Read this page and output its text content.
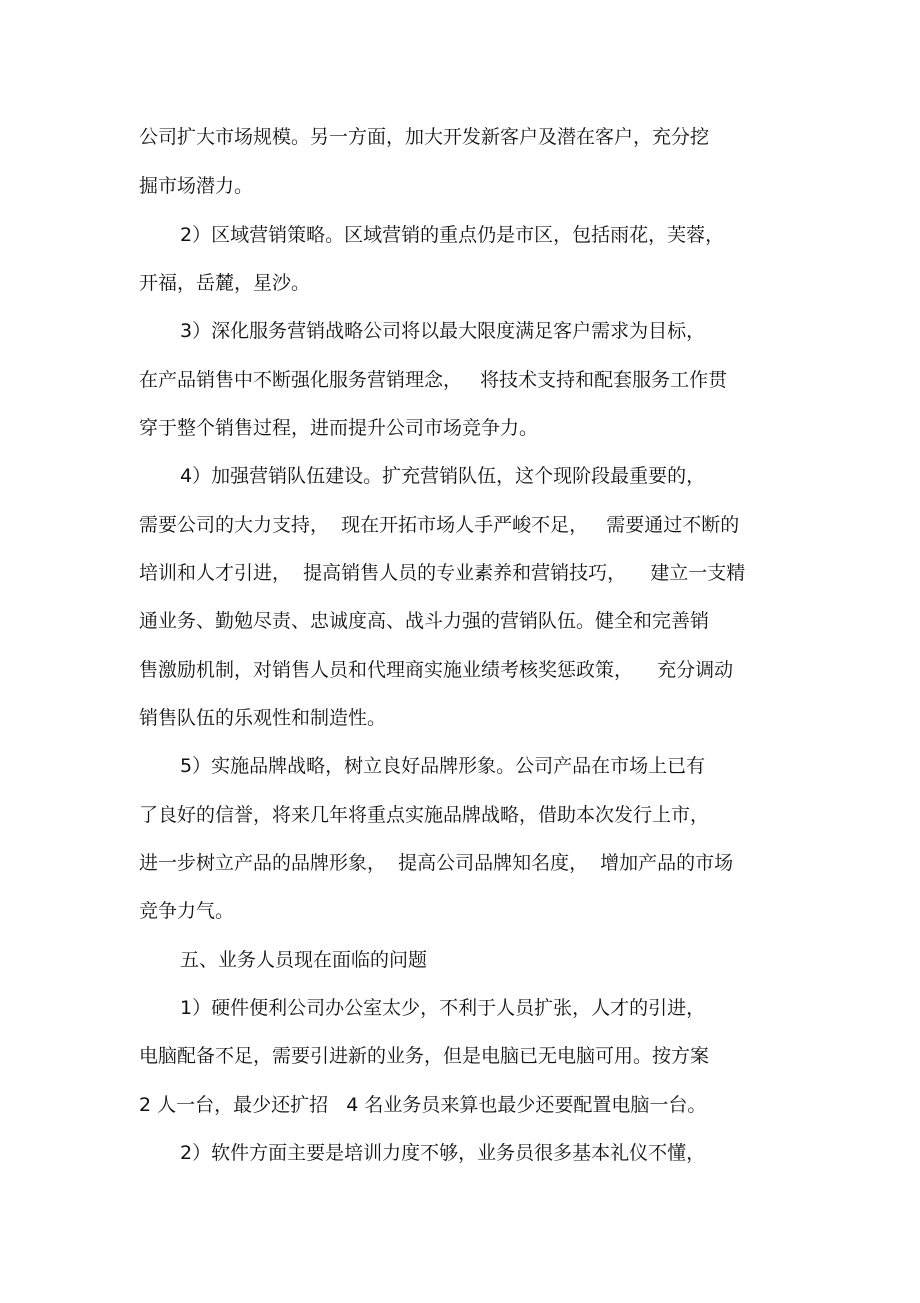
公司扩大市场规模。另一方面，加大开发新客户及潜在客户，充分挖
掘市场潜力。
2）区域营销策略。区域营销的重点仍是市区，包括雨花，芙蓉，
开福，岳麓，星沙。
3）深化服务营销战略公司将以最大限度满足客户需求为目标，
在产品销售中不断强化服务营销理念，   将技术支持和配套服务工作贯
穿于整个销售过程，进而提升公司市场竞争力。
4）加强营销队伍建设。扩充营销队伍，这个现阶段最重要的，
需要公司的大力支持，  现在开拓市场人手严峻不足，   需要通过不断的
培训和人才引进，  提高销售人员的专业素养和营销技巧，    建立一支精
通业务、勤勉尽责、忠诚度高、战斗力强的营销队伍。健全和完善销
售激励机制，对销售人员和代理商实施业绩考核奖惩政策，    充分调动
销售队伍的乐观性和制造性。
5）实施品牌战略，树立良好品牌形象。公司产品在市场上已有
了良好的信誉，将来几年将重点实施品牌战略，借助本次发行上市，
进一步树立产品的品牌形象，  提高公司品牌知名度，  增加产品的市场
竞争力气。
五、业务人员现在面临的问题
1）硬件便利公司办公室太少，不利于人员扩张，人才的引进，
电脑配备不足，需要引进新的业务，但是电脑已无电脑可用。按方案
2 人一台，最少还扩招   4 名业务员来算也最少还要配置电脑一台。
2）软件方面主要是培训力度不够，业务员很多基本礼仪不懂，
